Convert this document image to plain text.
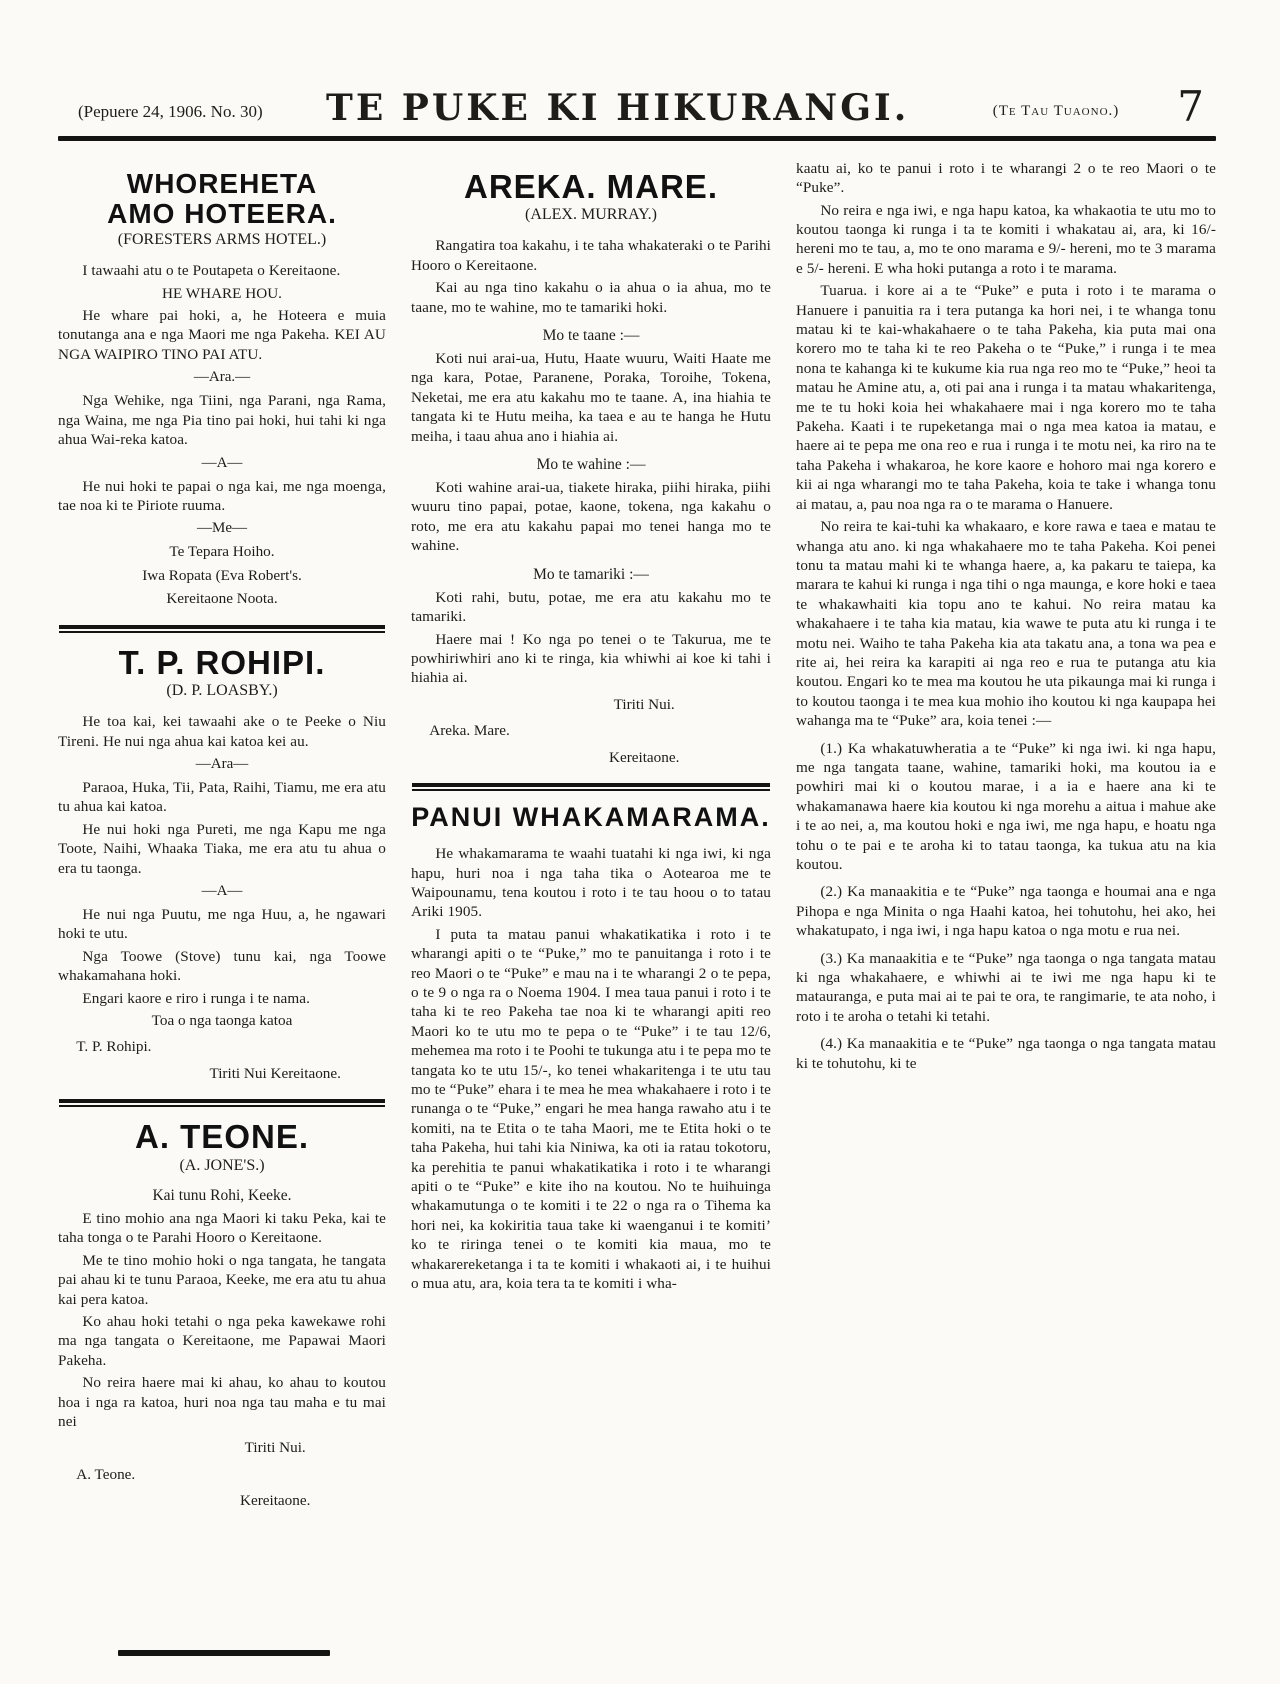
(Pepuere 24, 1906. No. 30)	TE PUKE KI HIKURANGI.	(Te Tau Tuaono.) 7
WHOREHETA AMO HOTEERA.
(FORESTERS ARMS HOTEL.)

I tawaahi atu o te Poutapeta o Kereitaone.

HE WHARE HOU.

He whare pai hoki, a, he Hoteera e muia tonutanga ana e nga Maori me nga Pakeha. KEI AU NGA WAIPIRO TINO PAI ATU.

—Ara.—

Nga Wehike, nga Tiini, nga Parani, nga Rama, nga Waina, me nga Pia tino pai hoki, hui tahi ki nga ahua Wai-reka katoa.

—A—

He nui hoki te papai o nga kai, me nga moenga, tae noa ki te Piriote ruuma.

—Me—

Te Tepara Hoiho.

Iwa Ropata (Eva Robert's.

Kereitaone Noota.

T. P. ROHIPI.
(D. P. LOASBY.)

He toa kai, kei tawaahi ake o te Peeke o Niu Tireni. He nui nga ahua kai katoa kei au.

—Ara—

Paraoa, Huka, Tii, Pata, Raihi, Tiamu, me era atu tu ahua kai katoa.

He nui hoki nga Pureti, me nga Kapu me nga Toote, Naihi, Whaaka Tiaka, me era atu tu ahua o era tu taonga.

—A—

He nui nga Puutu, me nga Huu, a, he ngawari hoki te utu.

Nga Toowe (Stove) tunu kai, nga Toowe whakamahana hoki.

Engari kaore e riro i runga i te nama.

Toa o nga taonga katoa

T. P. Rohipi.

Tiriti Nui Kereitaone.

A. TEONE.
(A. JONE'S.)

Kai tunu Rohi, Keeke.

E tino mohio ana nga Maori ki taku Peka, kai te taha tonga o te Parahi Hooro o Kereitaone.

Me te tino mohio hoki o nga tangata, he tangata pai ahau ki te tunu Paraoa, Keeke, me era atu tu ahua kai pera katoa.

Ko ahau hoki tetahi o nga peka kawekawe rohi ma nga tangata o Kereitaone, me Papawai Maori Pakeha.

No reira haere mai ki ahau, ko ahau to koutou hoa i nga ra katoa, huri noa nga tau maha e tu mai nei

Tiriti Nui.

A. Teone.

Kereitaone.

AREKA. MARE.
(ALEX. MURRAY.)

Rangatira toa kakahu, i te taha whakateraki o te Parihi Hooro o Kereitaone.

Kai au nga tino kakahu o ia ahua o ia ahua, mo te taane, mo te wahine, mo te tamariki hoki.

Mo te taane :—

Koti nui arai-ua, Hutu, Haate wuuru, Waiti Haate me nga kara, Potae, Paranene, Poraka, Toroihe, Tokena, Neketai, me era atu kakahu mo te taane. A, ina hiahia te tangata ki te Hutu meiha, ka taea e au te hanga he Hutu meiha, i taau ahua ano i hiahia ai.

Mo te wahine :—

Koti wahine arai-ua, tiakete hiraka, piihi hiraka, piihi wuuru tino papai, potae, kaone, tokena, nga kakahu o roto, me era atu kakahu papai mo tenei hanga mo te wahine.

Mo te tamariki :—

Koti rahi, butu, potae, me era atu kakahu mo te tamariki.

Haere mai ! Ko nga po tenei o te Takurua, me te powhiriwhiri ano ki te ringa, kia whiwhi ai koe ki tahi i hiahia ai.

Tiriti Nui.

Areka. Mare.

Kereitaone.

PANUI WHAKAMARAMA.

He whakamarama te waahi tuatahi ki nga iwi, ki nga hapu, huri noa i nga taha tika o Aotearoa me te Waipounamu, tena koutou i roto i te tau hoou o to tatau Ariki 1905.

I puta ta matau panui whakatikatika i roto i te wharangi apiti o te “Puke,” mo te panuitanga i roto i te reo Maori o te “Puke” e mau na i te wharangi 2 o te pepa, o te 9 o nga ra o Noema 1904. I mea taua panui i roto i te taha ki te reo Pakeha tae noa ki te wharangi apiti reo Maori ko te utu mo te pepa o te “Puke” i te tau 12/6, mehemea ma roto i te Poohi te tukunga atu i te pepa mo te tangata ko te utu 15/-, ko tenei whakaritenga i te utu tau mo te “Puke” ehara i te mea he mea whakahaere i roto i te runanga o te “Puke,” engari he mea hanga rawaho atu i te komiti, na te Etita o te taha Maori, me te Etita hoki o te taha Pakeha, hui tahi kia Niniwa, ka oti ia ratau tokotoru, ka perehitia te panui whakatikatika i roto i te wharangi apiti o te “Puke” e kite iho na koutou. No te huihuinga whakamutunga o te komiti i te 22 o nga ra o Tihema ka hori nei, ka kokiritia taua take ki waenganui i te komiti’ ko te riringa tenei o te komiti kia maua, mo te whakarereketanga i ta te komiti i whakaoti ai, i te huihui o mua atu, ara, koia tera ta te komiti i wha-

kaatu ai, ko te panui i roto i te wharangi 2 o te reo Maori o te “Puke”.

No reira e nga iwi, e nga hapu katoa, ka whakaotia te utu mo to koutou taonga ki runga i ta te komiti i whakatau ai, ara, ki 16/- hereni mo te tau, a, mo te ono marama e 9/- hereni, mo te 3 marama e 5/- hereni. E wha hoki putanga a roto i te marama.

Tuarua. i kore ai a te “Puke” e puta i roto i te marama o Hanuere i panuitia ra i tera putanga ka hori nei, i te whanga tonu matau ki te kai-whakahaere o te taha Pakeha, kia puta mai ona korero mo te taha ki te reo Pakeha o te “Puke,” i runga i te mea nona te kahanga ki te kukume kia rua nga reo mo te “Puke,” heoi ta matau he Amine atu, a, oti pai ana i runga i ta matau whakaritenga, me te tu hoki koia hei whakahaere mai i nga korero mo te taha Pakeha. Kaati i te rupeketanga mai o nga mea katoa ia matau, e haere ai te pepa me ona reo e rua i runga i te motu nei, ka riro na te taha Pakeha i whakaroa, he kore kaore e hohoro mai nga korero e kii ai nga wharangi mo te taha Pakeha, koia te take i whanga tonu ai matau, a, pau noa nga ra o te marama o Hanuere.

No reira te kai-tuhi ka whakaaro, e kore rawa e taea e matau te whanga atu ano. ki nga whakahaere mo te taha Pakeha. Koi penei tonu ta matau mahi ki te whanga haere, a, ka pakaru te taiepa, ka marara te kahui ki runga i nga tihi o nga maunga, e kore hoki e taea te whakawhaiti kia topu ano te kahui. No reira matau ka whakahaere i te taha kia matau, kia wawe te puta atu ki runga i te motu nei. Waiho te taha Pakeha kia ata takatu ana, a tona wa pea e rite ai, hei reira ka karapiti ai nga reo e rua te putanga atu kia koutou. Engari ko te mea ma koutou he uta pikaunga mai ki runga i to koutou taonga i te mea kua mohio iho koutou ki nga kaupapa hei wahanga ma te “Puke” ara, koia tenei :—

(1.) Ka whakatuwheratia a te “Puke” ki nga iwi. ki nga hapu, me nga tangata taane, wahine, tamariki hoki, ma koutou ia e powhiri mai ki o koutou marae, i a ia e haere ana ki te whakamanawa haere kia koutou ki nga morehu a aitua i mahue ake i te ao nei, a, ma koutou hoki e nga iwi, me nga hapu, e hoatu nga tohu o te pai e te aroha ki to tatau taonga, ka tukua atu na kia koutou.

(2.) Ka manaakitia e te “Puke” nga taonga e houmai ana e nga Pihopa e nga Minita o nga Haahi katoa, hei tohutohu, hei ako, hei whakatupato, i nga iwi, i nga hapu katoa o nga motu e rua nei.

(3.) Ka manaakitia e te “Puke” nga taonga o nga tangata matau ki nga whakahaere, e whiwhi ai te iwi me nga hapu ki te matauranga, e puta mai ai te pai te ora, te rangimarie, te ata noho, i roto i te aroha o tetahi ki tetahi.

(4.) Ka manaakitia e te “Puke” nga taonga o nga tangata matau ki te tohutohu, ki te
